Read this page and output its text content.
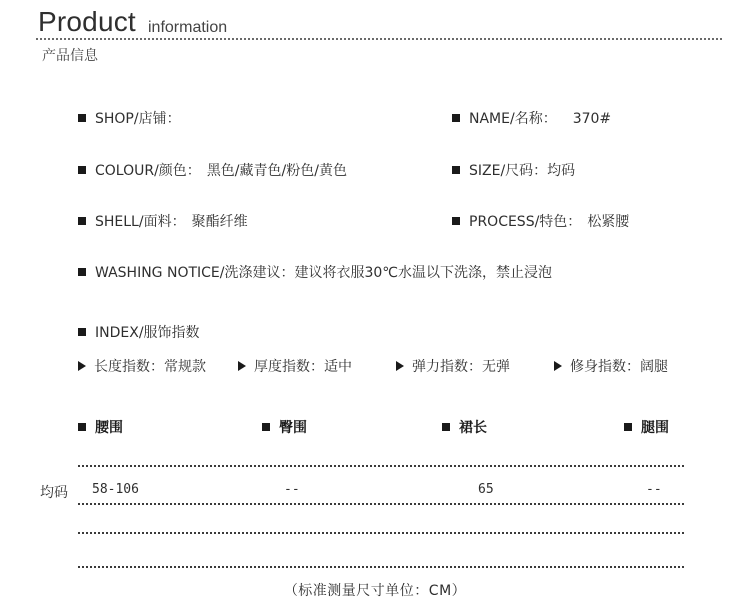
Product information
产品信息
SHOP/店铺：	NAME/名称： 370#
COLOUR/颜色： 黑色/藏青色/粉色/黄色	SIZE/尺码：均码
SHELL/面料： 聚酯纤维	PROCESS/特色： 松紧腰
WASHING NOTICE/洗涤建议：建议将衣服30℃水温以下洗涤，禁止浸泡
INDEX/服饰指数
长度指数：常规款	厚度指数：适中	弹力指数：无弹	修身指数：阔腿
腰围	臀围	裙长	腿围
均码 58-106	--	65	--
（标准测量尺寸单位：CM）
